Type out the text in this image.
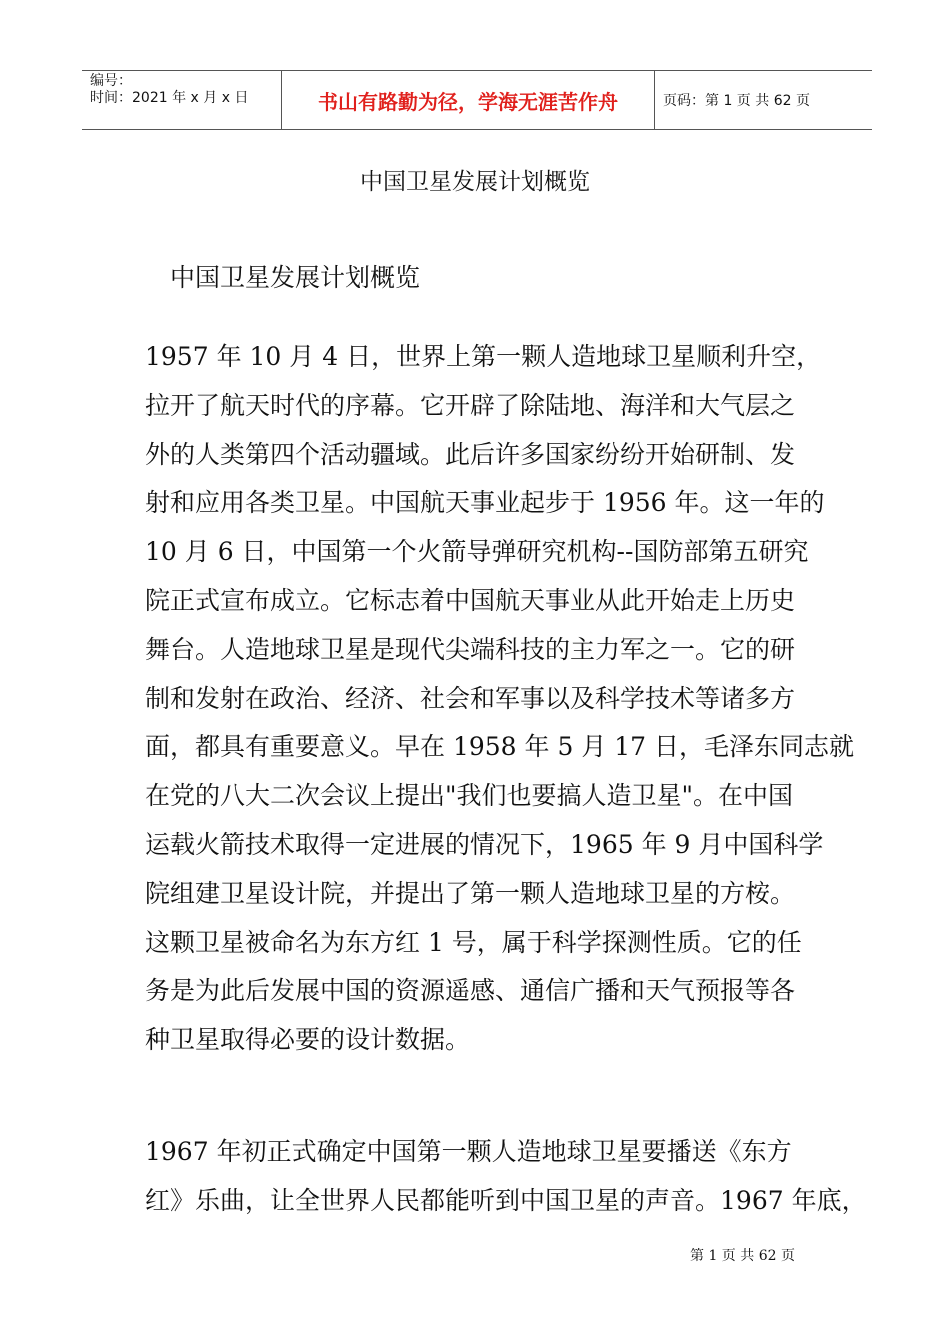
编号：
时间：2021 年 x 月 x 日	书山有路勤为径，学海无涯苦作舟	页码：第 1 页 共 62 页
中国卫星发展计划概览
中国卫星发展计划概览
1957 年 10 月 4 日，世界上第一颗人造地球卫星顺利升空，
拉开了航天时代的序幕。它开辟了除陆地、海洋和大气层之
外的人类第四个活动疆域。此后许多国家纷纷开始研制、发
射和应用各类卫星。中国航天事业起步于 1956 年。这一年的
10 月 6 日，中国第一个火箭导弹研究机构--国防部第五研究
院正式宣布成立。它标志着中国航天事业从此开始走上历史
舞台。人造地球卫星是现代尖端科技的主力军之一。它的研
制和发射在政治、经济、社会和军事以及科学技术等诸多方
面，都具有重要意义。早在 1958 年 5 月 17 日，毛泽东同志就
在党的八大二次会议上提出"我们也要搞人造卫星"。在中国
运载火箭技术取得一定进展的情况下，1965 年 9 月中国科学
院组建卫星设计院，并提出了第一颗人造地球卫星的方桉。
这颗卫星被命名为东方红 1 号，属于科学探测性质。它的任
务是为此后发展中国的资源遥感、通信广播和天气预报等各
种卫星取得必要的设计数据。
1967 年初正式确定中国第一颗人造地球卫星要播送《东方
红》乐曲，让全世界人民都能听到中国卫星的声音。1967 年底，
第 1 页 共 62 页
